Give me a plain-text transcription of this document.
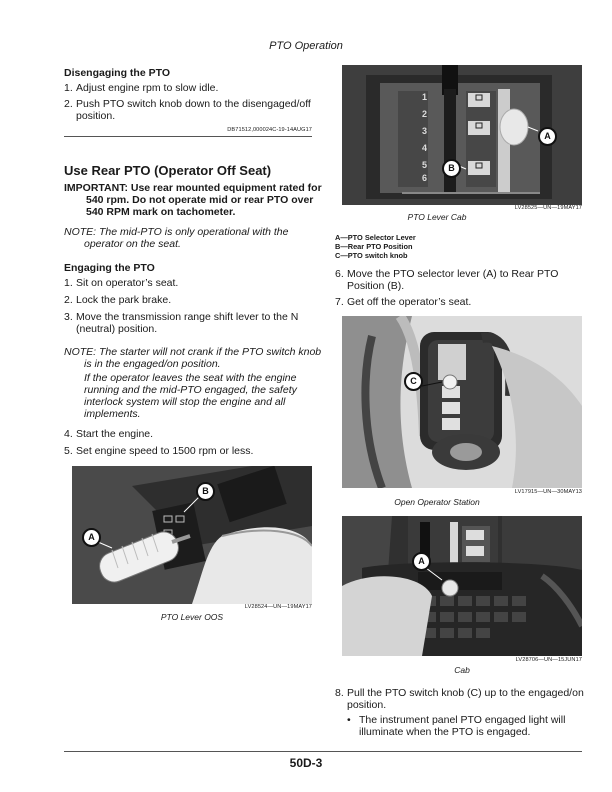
PTO Operation
Disengaging the PTO
1. Adjust engine rpm to slow idle.
2. Push PTO switch knob down to the disengaged/off
position.
DB71512,000024C-19-14AUG17
Use Rear PTO (Operator Off Seat)
IMPORTANT: Use rear mounted equipment rated for
540 rpm. Do not operate mid or rear PTO over
540 RPM mark on tachometer.
NOTE: The mid-PTO is only operational with the
operator on the seat.
Engaging the PTO
1. Sit on operator’s seat.
2. Lock the park brake.
3. Move the transmission range shift lever to the N
(neutral) position.
NOTE: The starter will not crank if the PTO switch knob
is in the engaged/on position.
If the operator leaves the seat with the engine
running and the mid-PTO engaged, the safety
interlock system will stop the engine and all
implements.
4. Start the engine.
5. Set engine speed to 1500 rpm or less.
A
B
LV28524—UN—19MAY17
PTO Lever OOS
1
2
3
4
5
6
A
B
LV28525—UN—19MAY17
PTO Lever Cab
A—PTO Selector Lever
B—Rear PTO Position
C—PTO switch knob
6. Move the PTO selector lever (A) to Rear PTO
Position (B).
7. Get off the operator’s seat.
C
LV17915—UN—30MAY13
Open Operator Station
A
LV28706—UN—15JUN17
Cab
8. Pull the PTO switch knob (C) up to the engaged/on
position.
• The instrument panel PTO engaged light will
illuminate when the PTO is engaged.
50D-3
